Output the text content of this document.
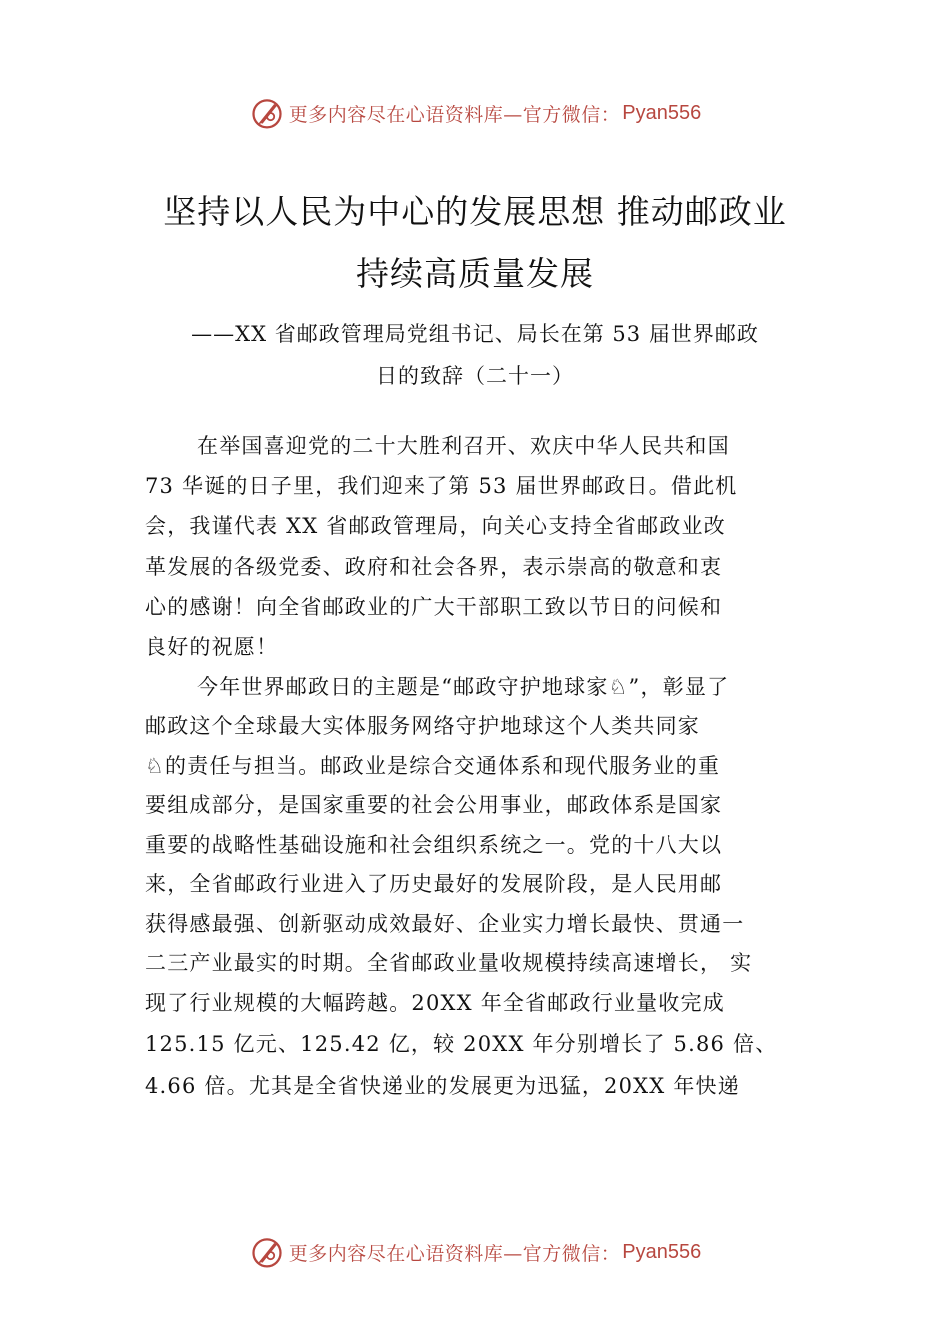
更多内容尽在心语资料库—官方微信： Pyan556
坚持以人民为中心的发展思想 推动邮政业
持续高质量发展
——XX 省邮政管理局党组书记、局长在第 53 届世界邮政
日的致辞（二十一）
在举国喜迎党的二十大胜利召开、欢庆中华人民共和国
73 华诞的日子里，我们迎来了第 53 届世界邮政日。借此机
会，我谨代表 XX 省邮政管理局，向关心支持全省邮政业改
革发展的各级党委、政府和社会各界，表示崇高的敬意和衷
心的感谢！向全省邮政业的广大干部职工致以节日的问候和
良好的祝愿！
今年世界邮政日的主题是“邮政守护地球家♘”，彰显了
邮政这个全球最大实体服务网络守护地球这个人类共同家
♘的责任与担当。邮政业是综合交通体系和现代服务业的重
要组成部分，是国家重要的社会公用事业，邮政体系是国家
重要的战略性基础设施和社会组织系统之一。党的十八大以
来，全省邮政行业进入了历史最好的发展阶段，是人民用邮
获得感最强、创新驱动成效最好、企业实力增长最快、贯通一
二三产业最实的时期。全省邮政业量收规模持续高速增长， 实
现了行业规模的大幅跨越。20XX 年全省邮政行业量收完成
125.15 亿元、125.42 亿，较 20XX 年分别增长了 5.86 倍、
4.66 倍。尤其是全省快递业的发展更为迅猛，20XX 年快递
更多内容尽在心语资料库—官方微信： Pyan556
